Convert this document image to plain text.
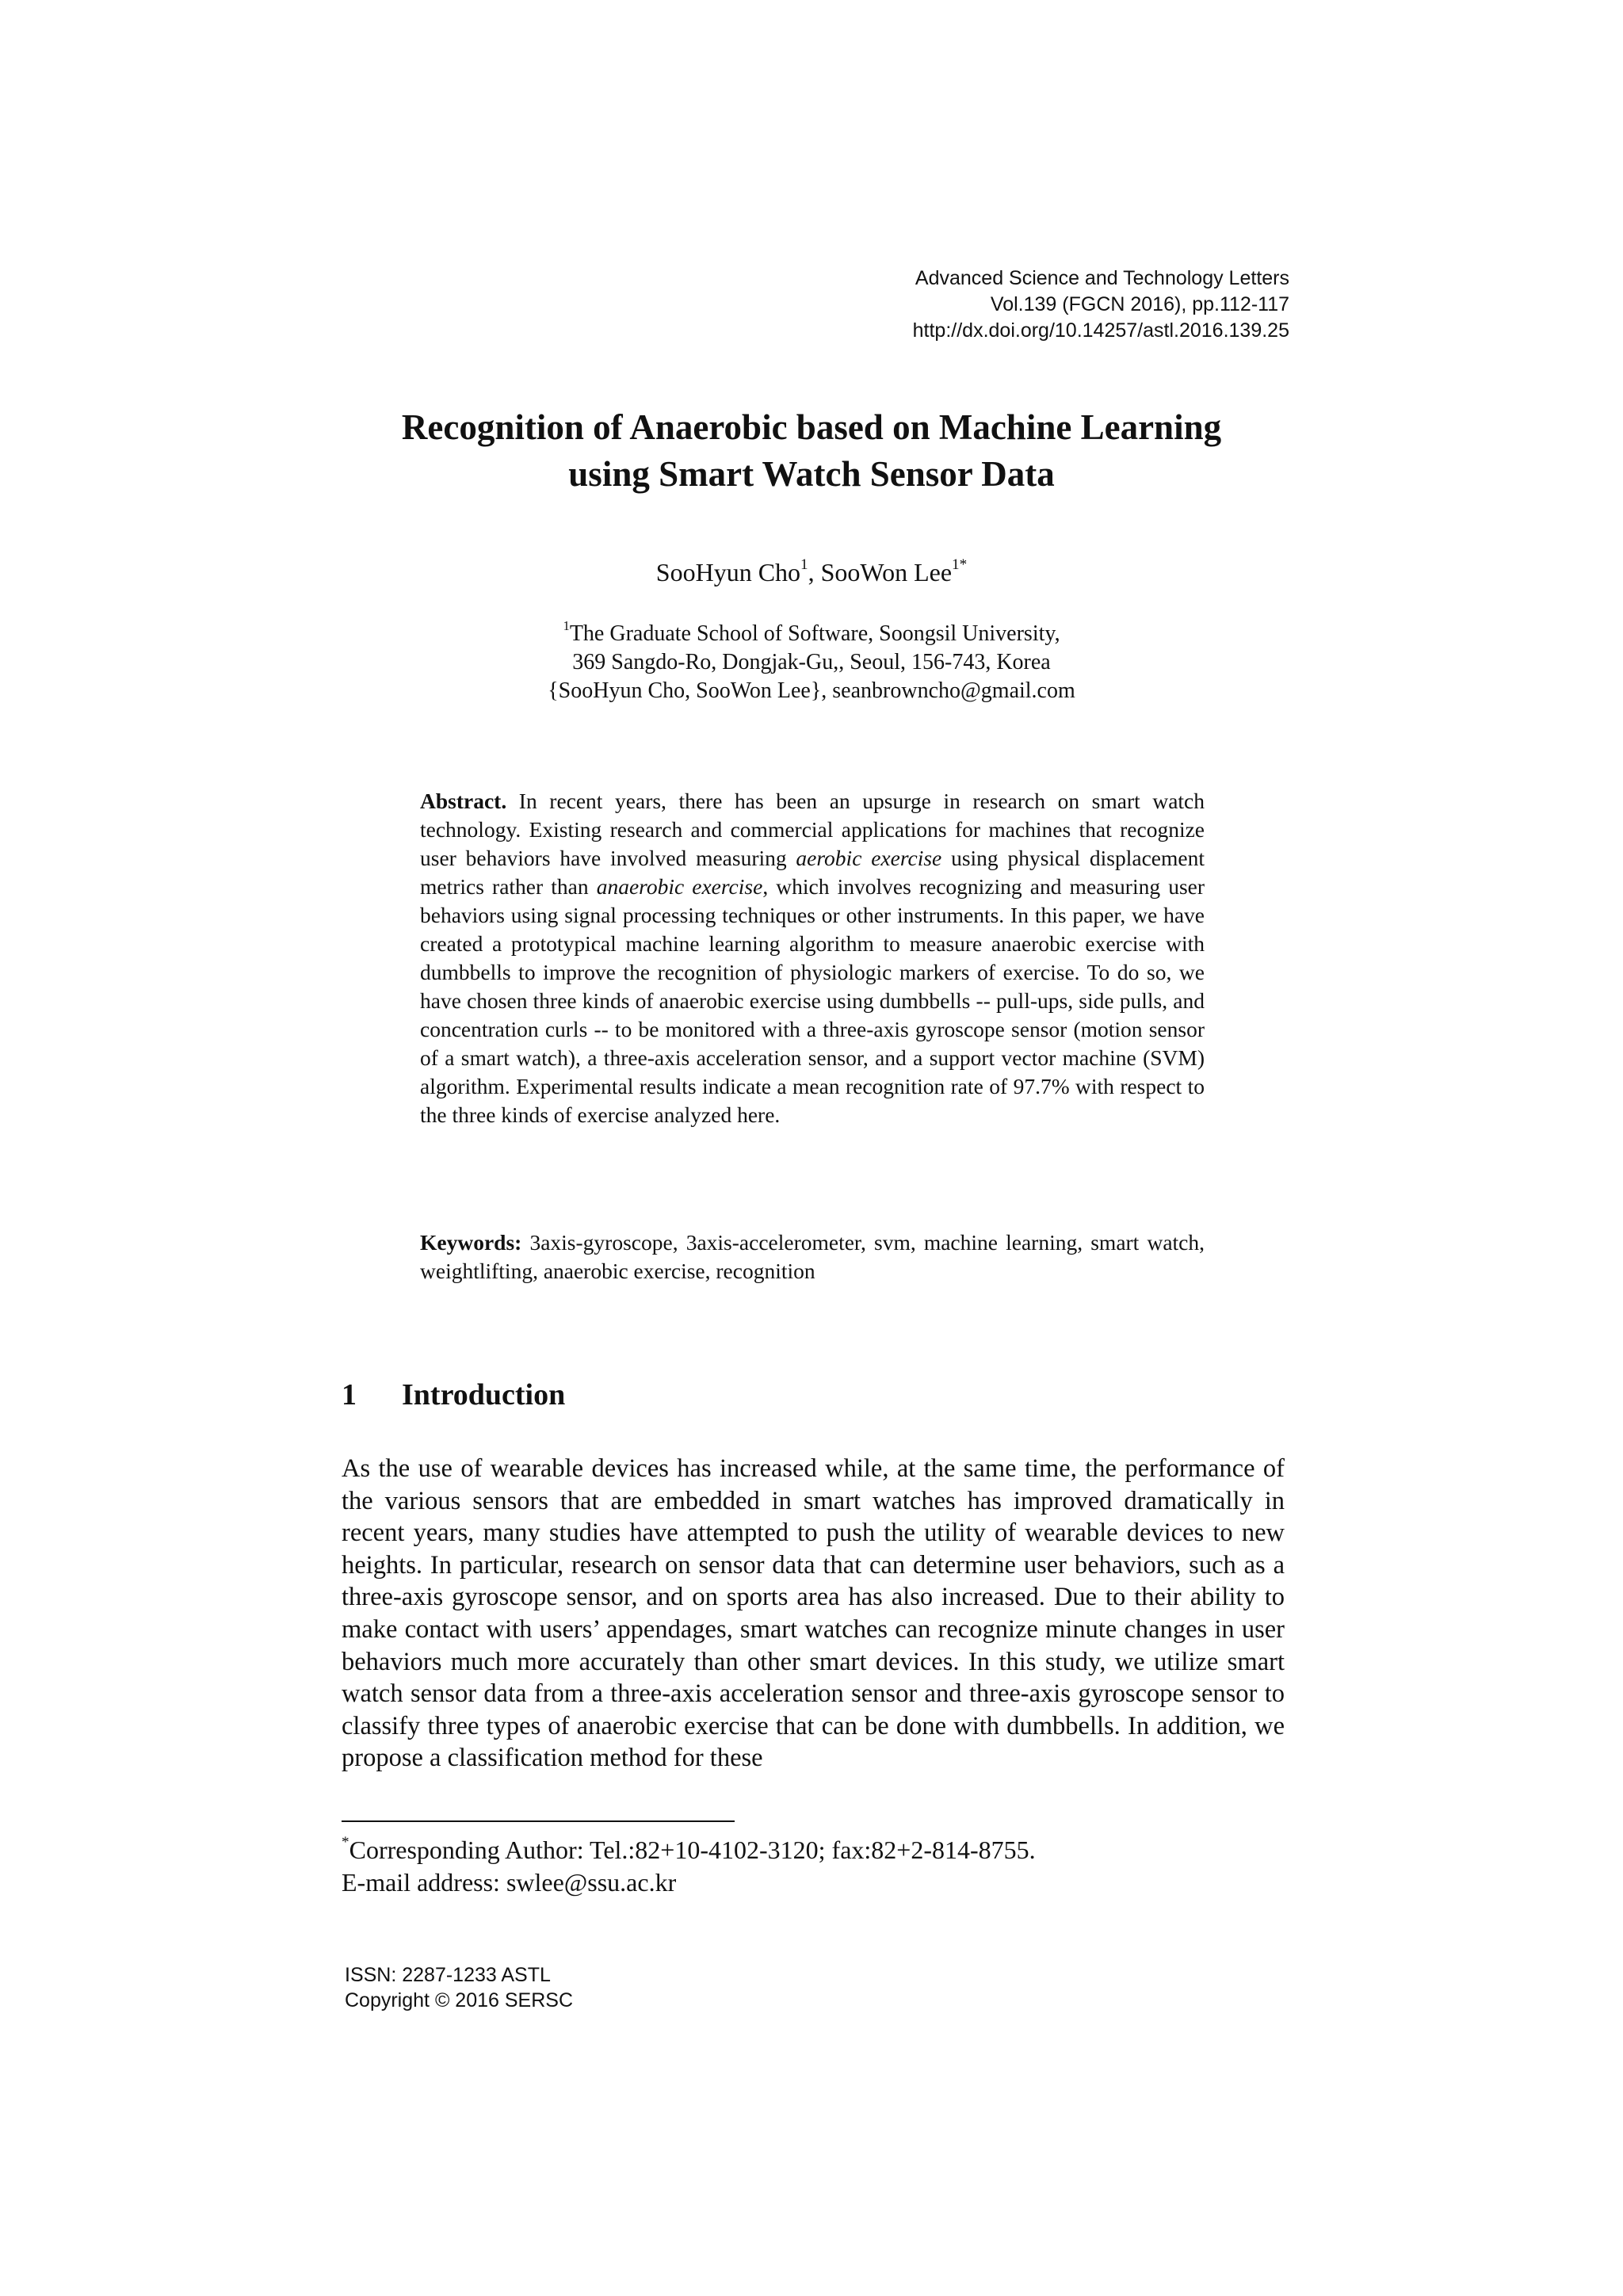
Advanced Science and Technology Letters
Vol.139 (FGCN 2016), pp.112-117
http://dx.doi.org/10.14257/astl.2016.139.25
Recognition of Anaerobic based on Machine Learning
using Smart Watch Sensor Data
SooHyun Cho$^1$, SooWon Lee$^{1*}$
$^1$The Graduate School of Software, Soongsil University,
369 Sangdo-Ro, Dongjak-Gu,, Seoul, 156-743, Korea
{SooHyun Cho, SooWon Lee}, seanbrowncho@gmail.com

Abstract. In recent years, there has been an upsurge in research on smart watch technology. Existing research and commercial applications for machines that recognize user behaviors have involved measuring aerobic exercise using physical displacement metrics rather than anaerobic exercise, which involves recognizing and measuring user behaviors using signal processing techniques or other instruments. In this paper, we have created a prototypical machine learning algorithm to measure anaerobic exercise with dumbbells to improve the recognition of physiologic markers of exercise. To do so, we have chosen three kinds of anaerobic exercise using dumbbells -- pull-ups, side pulls, and concentration curls -- to be monitored with a three-axis gyroscope sensor (motion sensor of a smart watch), a three-axis acceleration sensor, and a support vector machine (SVM) algorithm. Experimental results indicate a mean recognition rate of 97.7% with respect to the three kinds of exercise analyzed here.

Keywords: 3axis-gyroscope, 3axis-accelerometer, svm, machine learning, smart watch, weightlifting, anaerobic exercise, recognition

1 Introduction

As the use of wearable devices has increased while, at the same time, the performance of the various sensors that are embedded in smart watches has improved dramatically in recent years, many studies have attempted to push the utility of wearable devices to new heights. In particular, research on sensor data that can determine user behaviors, such as a three-axis gyroscope sensor, and on sports area has also increased. Due to their ability to make contact with users’ appendages, smart watches can recognize minute changes in user behaviors much more accurately than other smart devices. In this study, we utilize smart watch sensor data from a three-axis acceleration sensor and three-axis gyroscope sensor to classify three types of anaerobic exercise that can be done with dumbbells. In addition, we propose a classification method for these

*Corresponding Author: Tel.:82+10-4102-3120; fax:82+2-814-8755.
E-mail address: swlee@ssu.ac.kr
ISSN: 2287-1233 ASTL
Copyright © 2016 SERSC
